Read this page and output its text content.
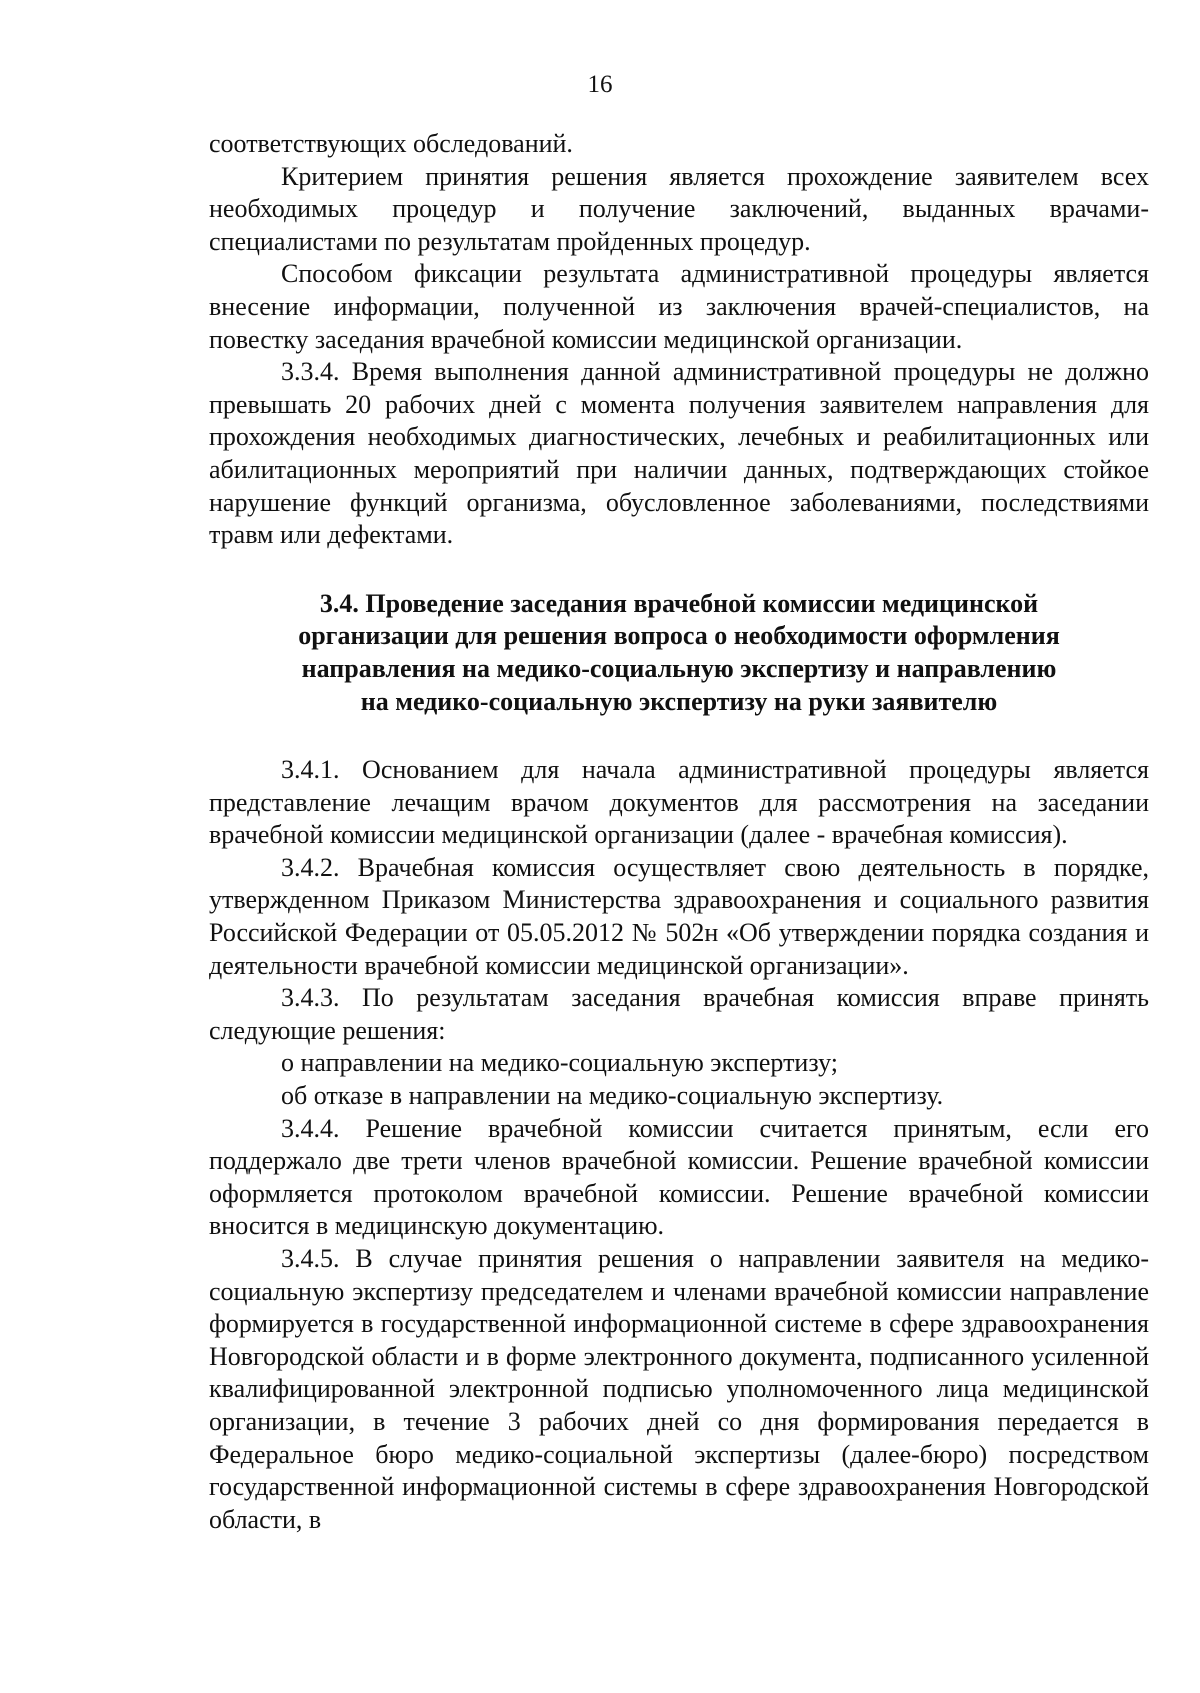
16

соответствующих обследований.

Критерием принятия решения является прохождение заявителем всех необходимых процедур и получение заключений, выданных врачами-специалистами по результатам пройденных процедур.

Способом фиксации результата административной процедуры является внесение информации, полученной из заключения врачей-специалистов, на повестку заседания врачебной комиссии медицинской организации.

3.3.4. Время выполнения данной административной процедуры не должно превышать 20 рабочих дней с момента получения заявителем направления для прохождения необходимых диагностических, лечебных и реабилитационных или абилитационных мероприятий при наличии данных, подтверждающих стойкое нарушение функций организма, обусловленное заболеваниями, последствиями травм или дефектами.

3.4. Проведение заседания врачебной комиссии медицинской
организации для решения вопроса о необходимости оформления
направления на медико-социальную экспертизу и направлению
на медико-социальную экспертизу на руки заявителю

3.4.1. Основанием для начала административной процедуры является представление лечащим врачом документов для рассмотрения на заседании врачебной комиссии медицинской организации (далее - врачебная комиссия).

3.4.2. Врачебная комиссия осуществляет свою деятельность в порядке, утвержденном Приказом Министерства здравоохранения и социального развития Российской Федерации от 05.05.2012 № 502н «Об утверждении порядка создания и деятельности врачебной комиссии медицинской организации».

3.4.3. По результатам заседания врачебная комиссия вправе принять следующие решения:

о направлении на медико-социальную экспертизу;

об отказе в направлении на медико-социальную экспертизу.

3.4.4. Решение врачебной комиссии считается принятым, если его поддержало две трети членов врачебной комиссии. Решение врачебной комиссии оформляется протоколом врачебной комиссии. Решение врачебной комиссии вносится в медицинскую документацию.

3.4.5. В случае принятия решения о направлении заявителя на медико-социальную экспертизу председателем и членами врачебной комиссии направление формируется в государственной информационной системе в сфере здравоохранения Новгородской области и в форме электронного документа, подписанного усиленной квалифицированной электронной подписью уполномоченного лица медицинской организации, в течение 3 рабочих дней со дня формирования передается в Федеральное бюро медико-социальной экспертизы (далее-бюро) посредством государственной информационной системы в сфере здравоохранения Новгородской области, в
